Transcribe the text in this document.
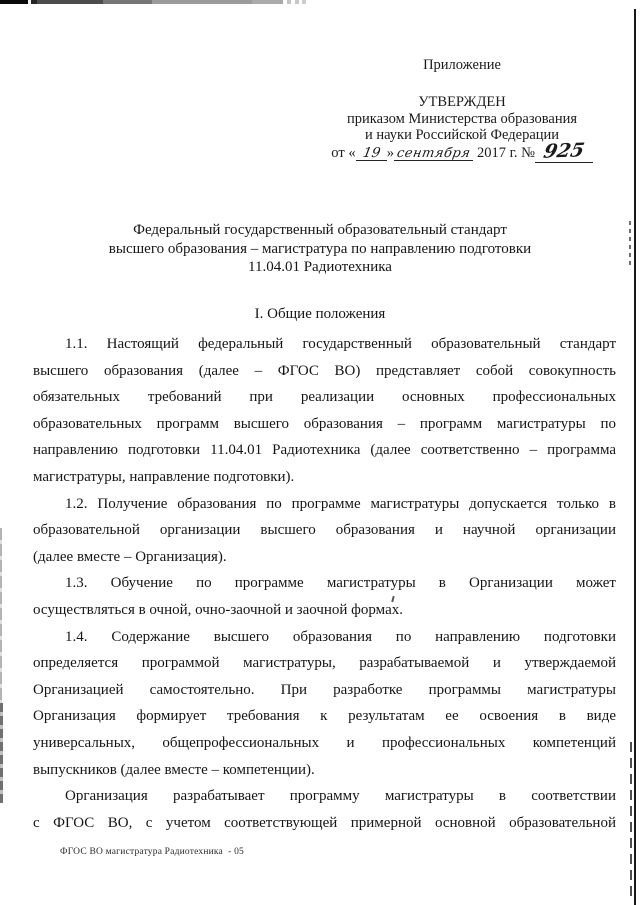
Приложение
УТВЕРЖДЕН
приказом Министерства образования
и науки Российской Федерации
от « 19 » сентября 2017 г. № 925
Федеральный государственный образовательный стандарт
высшего образования – магистратура по направлению подготовки
11.04.01 Радиотехника
I. Общие положения
1.1. Настоящий федеральный государственный образовательный стандарт
высшего образования (далее – ФГОС ВО) представляет собой совокупность
обязательных требований при реализации основных профессиональных
образовательных программ высшего образования – программ магистратуры по
направлению подготовки 11.04.01 Радиотехника (далее соответственно – программа
магистратуры, направление подготовки).
1.2. Получение образования по программе магистратуры допускается только в
образовательной организации высшего образования и научной организации
(далее вместе – Организация).
1.3. Обучение по программе магистратуры в Организации может
осуществляться в очной, очно-заочной и заочной формах.
1.4. Содержание высшего образования по направлению подготовки
определяется программой магистратуры, разрабатываемой и утверждаемой
Организацией самостоятельно. При разработке программы магистратуры
Организация формирует требования к результатам ее освоения в виде
универсальных, общепрофессиональных и профессиональных компетенций
выпускников (далее вместе – компетенции).
Организация разрабатывает программу магистратуры в соответствии
с ФГОС ВО, с учетом соответствующей примерной основной образовательной
ФГОС ВО магистратура Радиотехника  - 05
